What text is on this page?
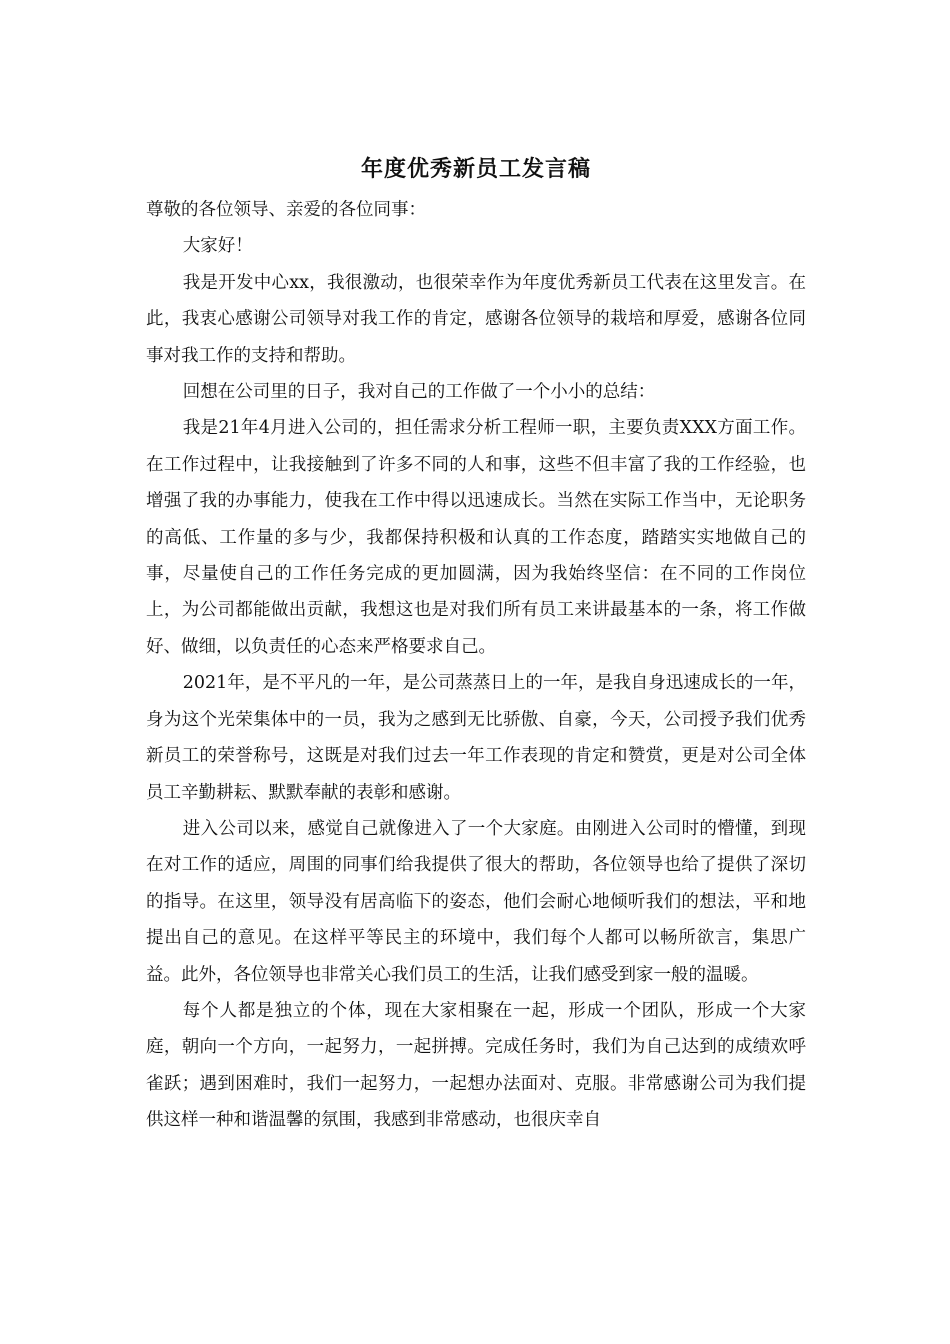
年度优秀新员工发言稿

尊敬的各位领导、亲爱的各位同事：

大家好！

我是开发中心xx，我很激动，也很荣幸作为年度优秀新员工代表在这里发言。在此，我衷心感谢公司领导对我工作的肯定，感谢各位领导的栽培和厚爱，感谢各位同事对我工作的支持和帮助。

回想在公司里的日子，我对自己的工作做了一个小小的总结：

我是21年4月进入公司的，担任需求分析工程师一职，主要负责XXX方面工作。在工作过程中，让我接触到了许多不同的人和事，这些不但丰富了我的工作经验，也增强了我的办事能力，使我在工作中得以迅速成长。当然在实际工作当中，无论职务的高低、工作量的多与少，我都保持积极和认真的工作态度，踏踏实实地做自己的事，尽量使自己的工作任务完成的更加圆满，因为我始终坚信：在不同的工作岗位上，为公司都能做出贡献，我想这也是对我们所有员工来讲最基本的一条，将工作做好、做细，以负责任的心态来严格要求自己。

2021年，是不平凡的一年，是公司蒸蒸日上的一年，是我自身迅速成长的一年，身为这个光荣集体中的一员，我为之感到无比骄傲、自豪，今天，公司授予我们优秀新员工的荣誉称号，这既是对我们过去一年工作表现的肯定和赞赏，更是对公司全体员工辛勤耕耘、默默奉献的表彰和感谢。

进入公司以来，感觉自己就像进入了一个大家庭。由刚进入公司时的懵懂，到现在对工作的适应，周围的同事们给我提供了很大的帮助，各位领导也给了提供了深切的指导。在这里，领导没有居高临下的姿态，他们会耐心地倾听我们的想法，平和地提出自己的意见。在这样平等民主的环境中，我们每个人都可以畅所欲言，集思广益。此外，各位领导也非常关心我们员工的生活，让我们感受到家一般的温暖。

每个人都是独立的个体，现在大家相聚在一起，形成一个团队，形成一个大家庭，朝向一个方向，一起努力，一起拼搏。完成任务时，我们为自己达到的成绩欢呼雀跃；遇到困难时，我们一起努力，一起想办法面对、克服。非常感谢公司为我们提供这样一种和谐温馨的氛围，我感到非常感动，也很庆幸自
